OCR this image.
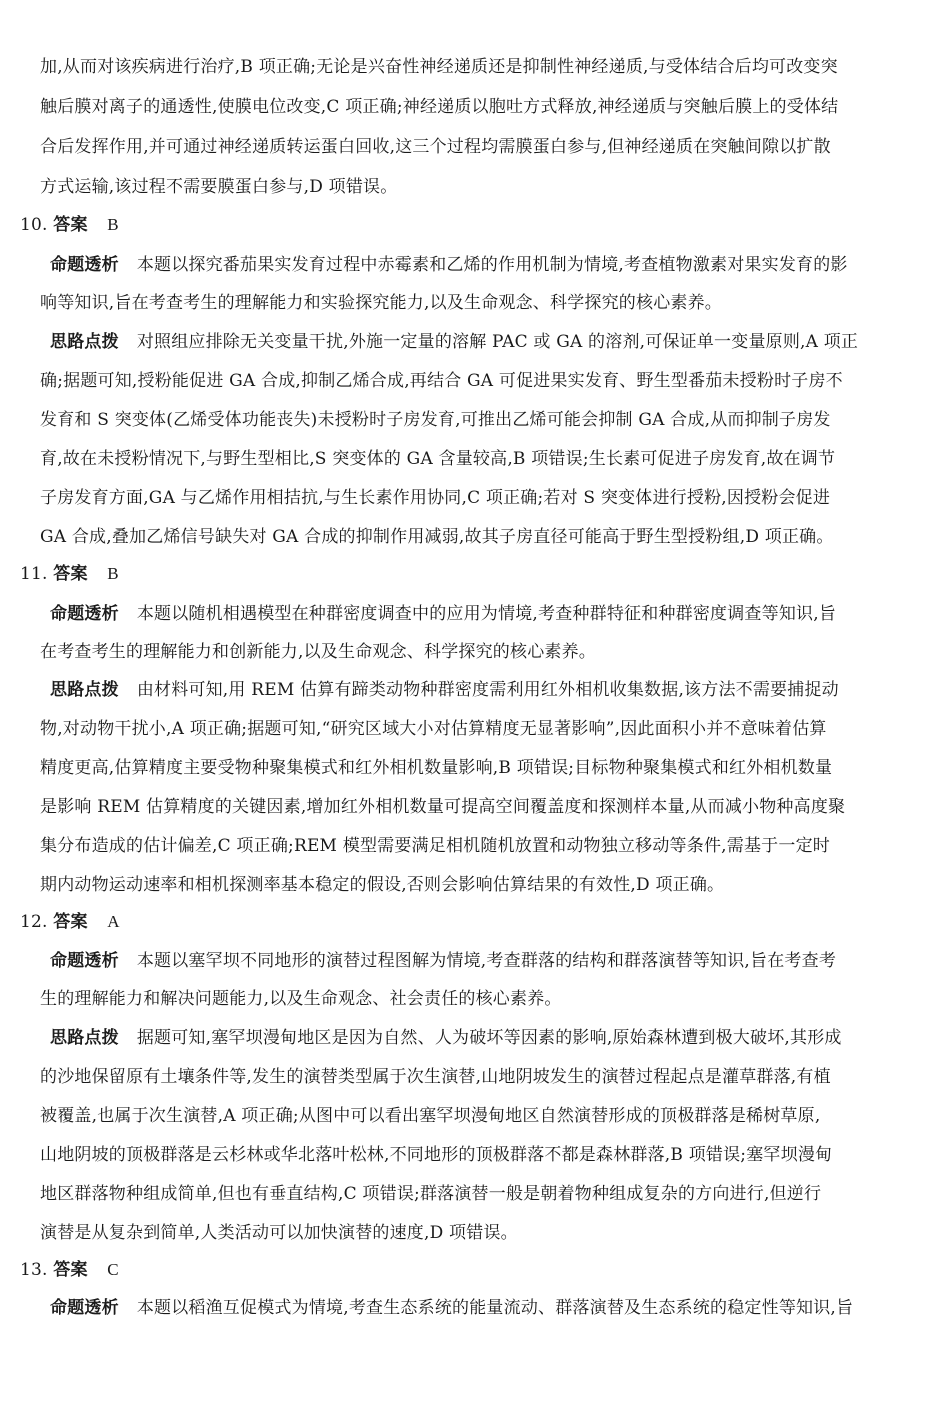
加,从而对该疾病进行治疗,B 项正确;无论是兴奋性神经递质还是抑制性神经递质,与受体结合后均可改变突
触后膜对离子的通透性,使膜电位改变,C 项正确;神经递质以胞吐方式释放,神经递质与突触后膜上的受体结
合后发挥作用,并可通过神经递质转运蛋白回收,这三个过程均需膜蛋白参与,但神经递质在突触间隙以扩散
方式运输,该过程不需要膜蛋白参与,D 项错误。
10. 答案 B
命题透析 本题以探究番茄果实发育过程中赤霉素和乙烯的作用机制为情境,考查植物激素对果实发育的影
响等知识,旨在考查考生的理解能力和实验探究能力,以及生命观念、科学探究的核心素养。
思路点拨 对照组应排除无关变量干扰,外施一定量的溶解 PAC 或 GA 的溶剂,可保证单一变量原则,A 项正
确;据题可知,授粉能促进 GA 合成,抑制乙烯合成,再结合 GA 可促进果实发育、野生型番茄未授粉时子房不
发育和 S 突变体(乙烯受体功能丧失)未授粉时子房发育,可推出乙烯可能会抑制 GA 合成,从而抑制子房发
育,故在未授粉情况下,与野生型相比,S 突变体的 GA 含量较高,B 项错误;生长素可促进子房发育,故在调节
子房发育方面,GA 与乙烯作用相拮抗,与生长素作用协同,C 项正确;若对 S 突变体进行授粉,因授粉会促进
GA 合成,叠加乙烯信号缺失对 GA 合成的抑制作用减弱,故其子房直径可能高于野生型授粉组,D 项正确。
11. 答案 B
命题透析 本题以随机相遇模型在种群密度调查中的应用为情境,考查种群特征和种群密度调查等知识,旨
在考查考生的理解能力和创新能力,以及生命观念、科学探究的核心素养。
思路点拨 由材料可知,用 REM 估算有蹄类动物种群密度需利用红外相机收集数据,该方法不需要捕捉动
物,对动物干扰小,A 项正确;据题可知,“研究区域大小对估算精度无显著影响”,因此面积小并不意味着估算
精度更高,估算精度主要受物种聚集模式和红外相机数量影响,B 项错误;目标物种聚集模式和红外相机数量
是影响 REM 估算精度的关键因素,增加红外相机数量可提高空间覆盖度和探测样本量,从而减小物种高度聚
集分布造成的估计偏差,C 项正确;REM 模型需要满足相机随机放置和动物独立移动等条件,需基于一定时
期内动物运动速率和相机探测率基本稳定的假设,否则会影响估算结果的有效性,D 项正确。
12. 答案 A
命题透析 本题以塞罕坝不同地形的演替过程图解为情境,考查群落的结构和群落演替等知识,旨在考查考
生的理解能力和解决问题能力,以及生命观念、社会责任的核心素养。
思路点拨 据题可知,塞罕坝漫甸地区是因为自然、人为破坏等因素的影响,原始森林遭到极大破坏,其形成
的沙地保留原有土壤条件等,发生的演替类型属于次生演替,山地阴坡发生的演替过程起点是灌草群落,有植
被覆盖,也属于次生演替,A 项正确;从图中可以看出塞罕坝漫甸地区自然演替形成的顶极群落是稀树草原,
山地阴坡的顶极群落是云杉林或华北落叶松林,不同地形的顶极群落不都是森林群落,B 项错误;塞罕坝漫甸
地区群落物种组成简单,但也有垂直结构,C 项错误;群落演替一般是朝着物种组成复杂的方向进行,但逆行
演替是从复杂到简单,人类活动可以加快演替的速度,D 项错误。
13. 答案 C
命题透析 本题以稻渔互促模式为情境,考查生态系统的能量流动、群落演替及生态系统的稳定性等知识,旨
